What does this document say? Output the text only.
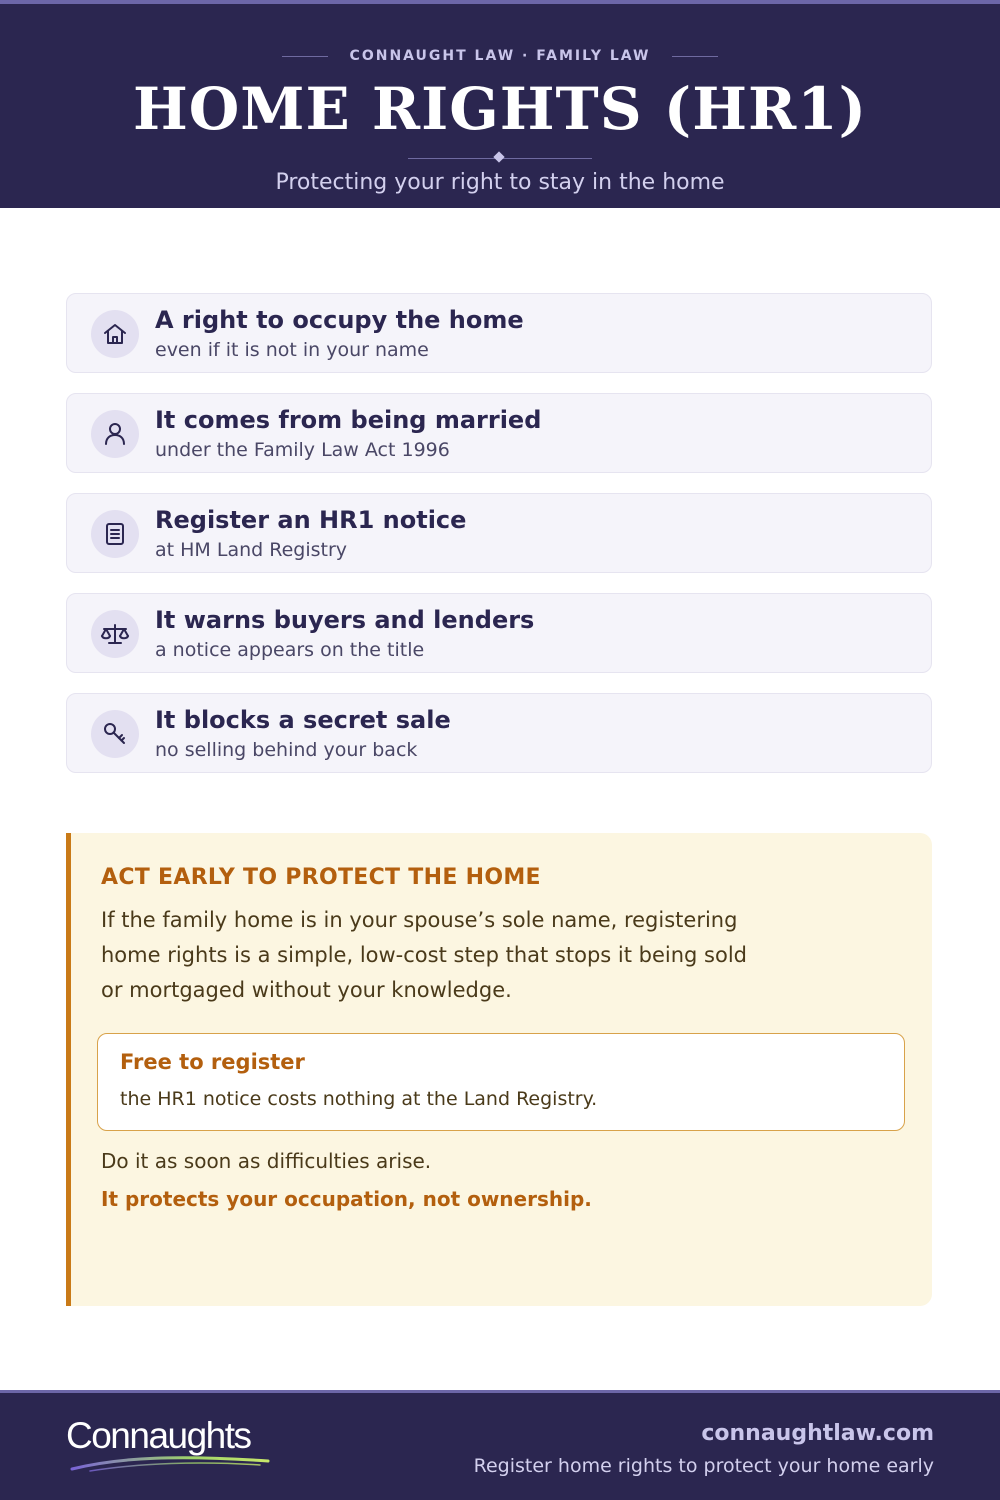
CONNAUGHT LAW · FAMILY LAW
HOME RIGHTS (HR1)
Protecting your right to stay in the home
A right to occupy the home
even if it is not in your name
It comes from being married
under the Family Law Act 1996
Register an HR1 notice
at HM Land Registry
It warns buyers and lenders
a notice appears on the title
It blocks a secret sale
no selling behind your back
ACT EARLY TO PROTECT THE HOME
If the family home is in your spouse’s sole name, registering home rights is a simple, low-cost step that stops it being sold or mortgaged without your knowledge.
Free to register
the HR1 notice costs nothing at the Land Registry.
Do it as soon as difficulties arise.
It protects your occupation, not ownership.
Connaughts	connaughtlaw.com
Register home rights to protect your home early
